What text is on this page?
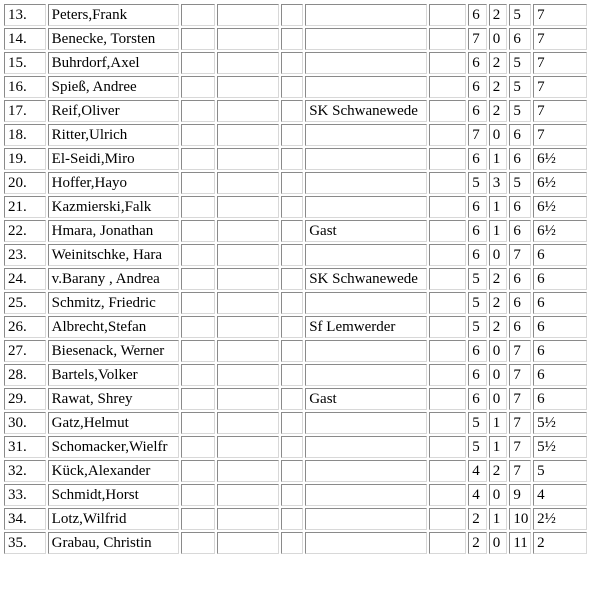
13.	Peters,Frank						6	2	5	7
14.	Benecke, Torsten						7	0	6	7
15.	Buhrdorf,Axel						6	2	5	7
16.	Spieß, Andree						6	2	5	7
17.	Reif,Oliver				SK Schwanewede		6	2	5	7
18.	Ritter,Ulrich						7	0	6	7
19.	El-Seidi,Miro						6	1	6	6½
20.	Hoffer,Hayo						5	3	5	6½
21.	Kazmierski,Falk						6	1	6	6½
22.	Hmara, Jonathan				Gast		6	1	6	6½
23.	Weinitschke, Hara						6	0	7	6
24.	v.Barany , Andrea				SK Schwanewede		5	2	6	6
25.	Schmitz, Friedric						5	2	6	6
26.	Albrecht,Stefan				Sf Lemwerder		5	2	6	6
27.	Biesenack, Werner						6	0	7	6
28.	Bartels,Volker						6	0	7	6
29.	Rawat, Shrey				Gast		6	0	7	6
30.	Gatz,Helmut						5	1	7	5½
31.	Schomacker,Wielfr						5	1	7	5½
32.	Kück,Alexander						4	2	7	5
33.	Schmidt,Horst						4	0	9	4
34.	Lotz,Wilfrid						2	1	10	2½
35.	Grabau, Christin						2	0	11	2
